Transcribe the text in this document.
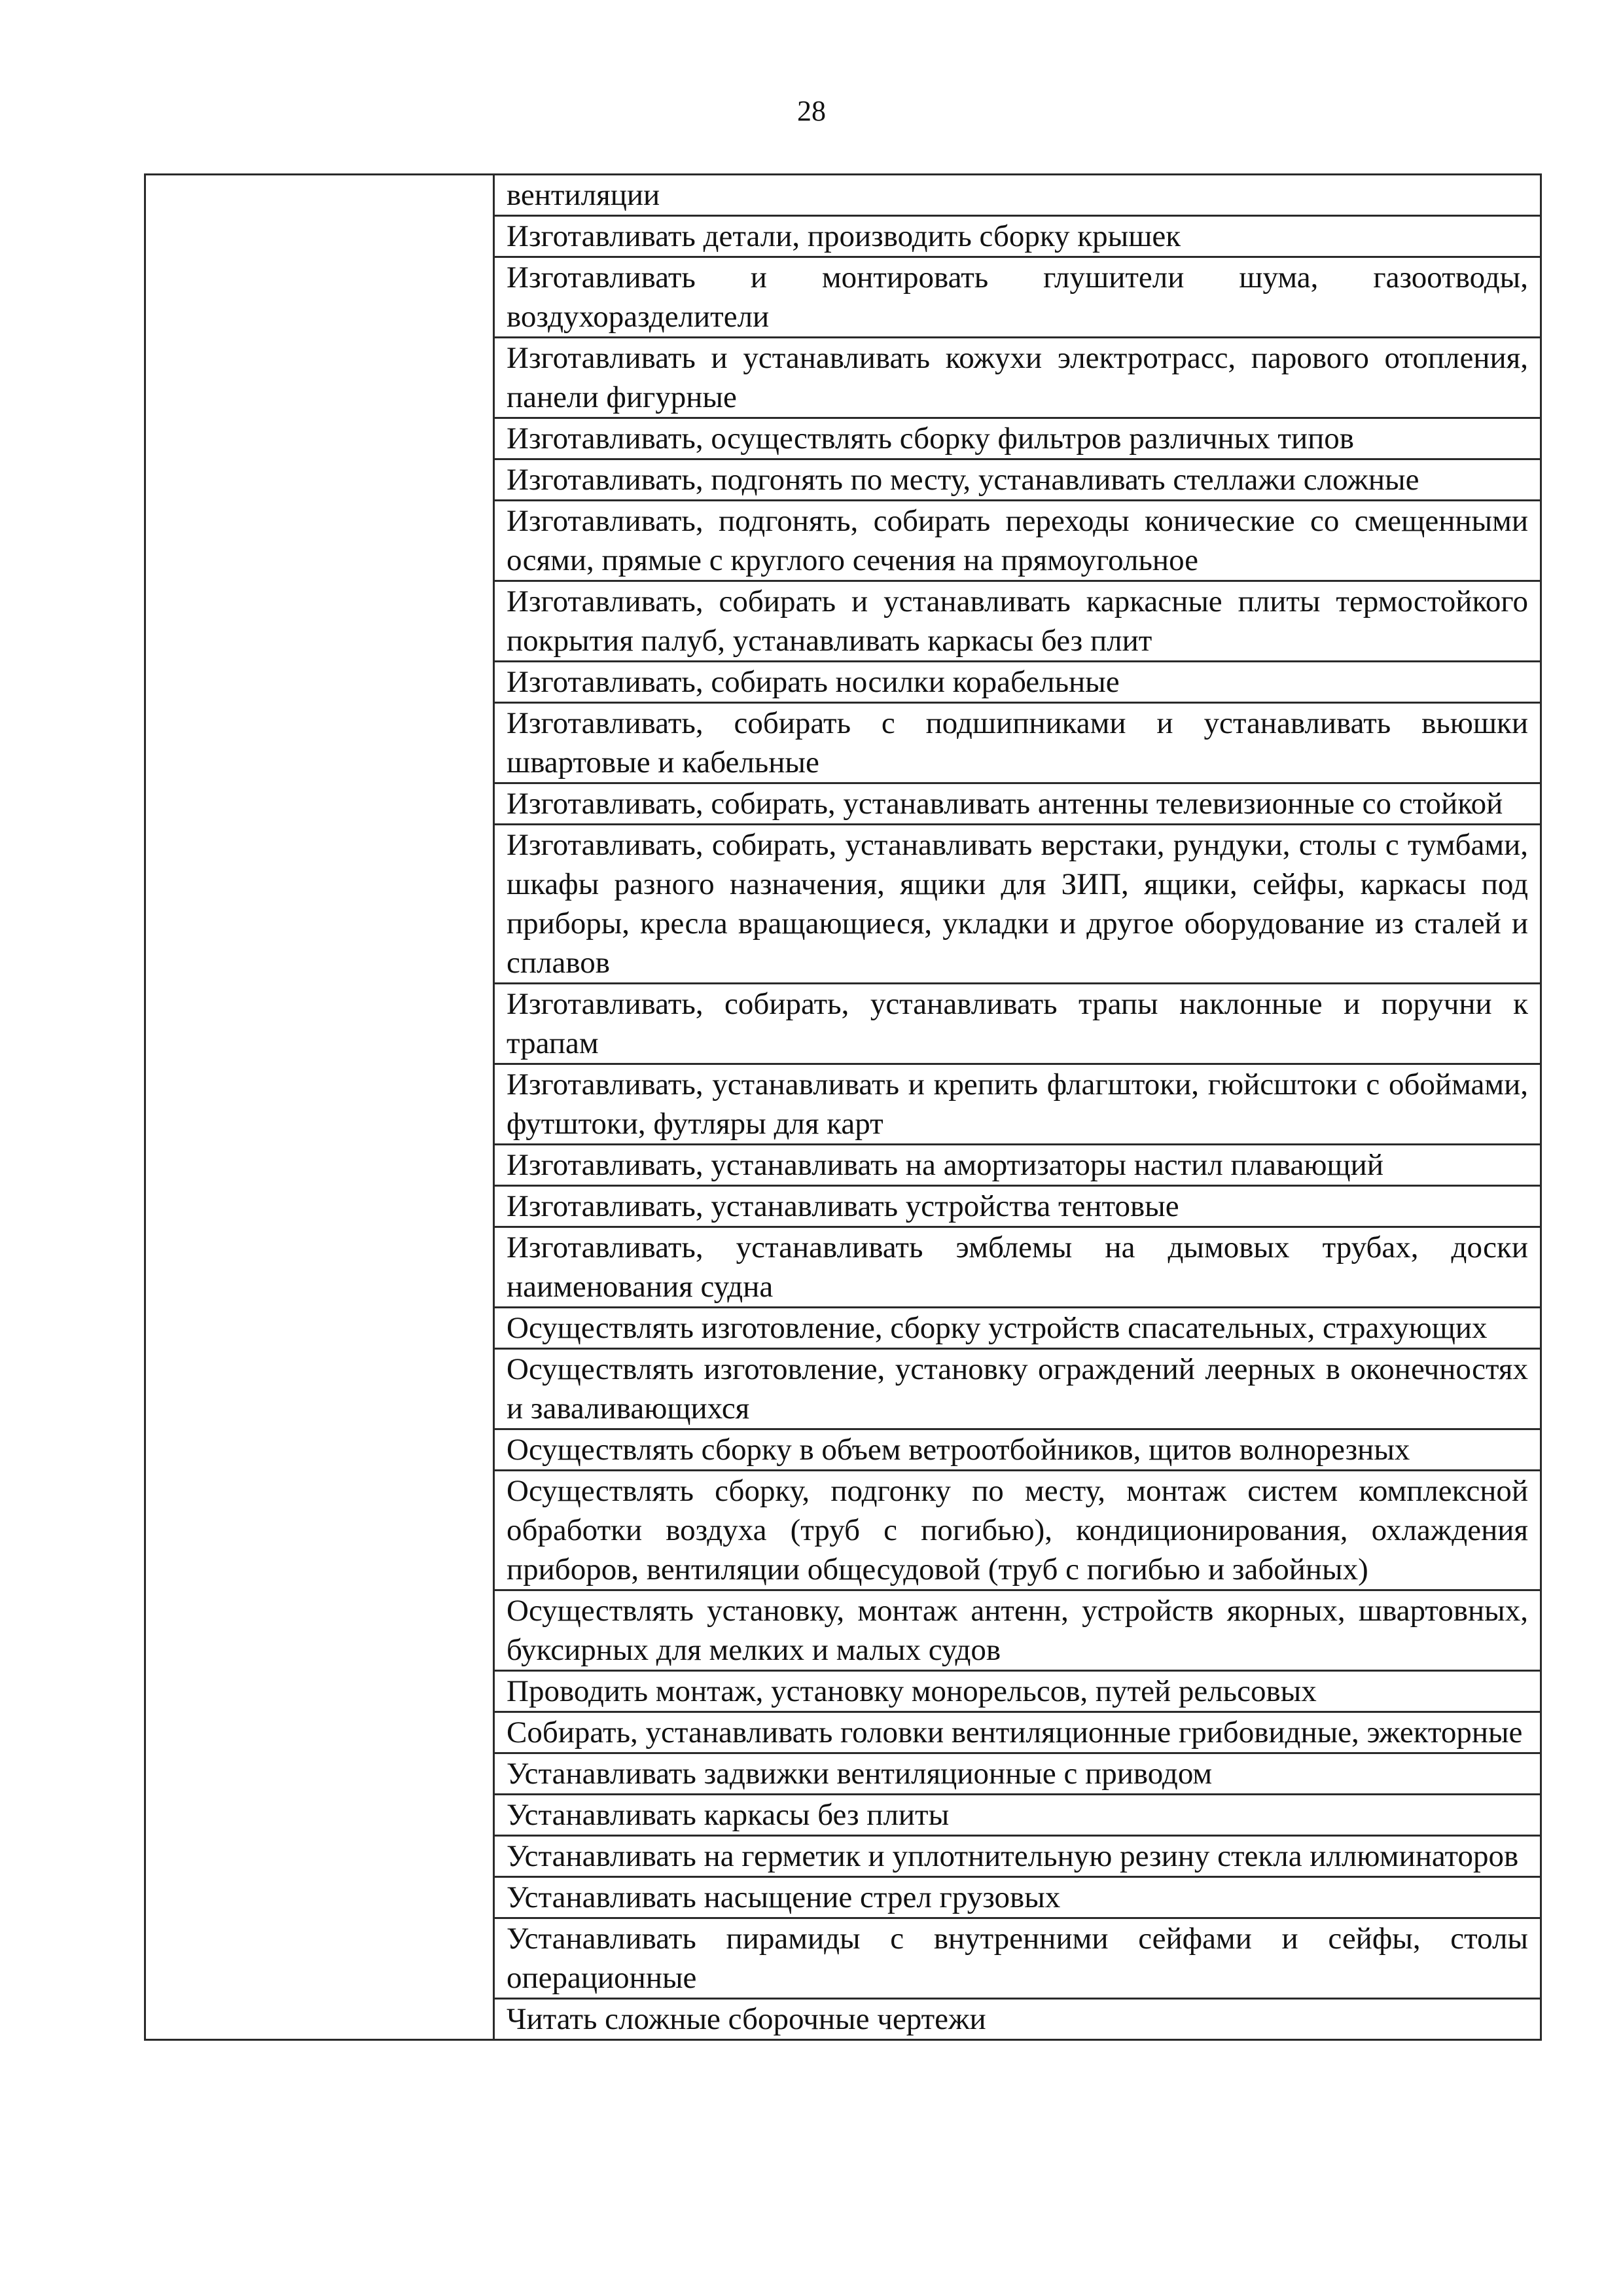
28

вентиляции
Изготавливать детали, производить сборку крышек
Изготавливать и монтировать глушители шума, газоотводы, воздухоразделители
Изготавливать и устанавливать кожухи электротрасс, парового отопления, панели фигурные
Изготавливать, осуществлять сборку фильтров различных типов
Изготавливать, подгонять по месту, устанавливать стеллажи сложные
Изготавливать, подгонять, собирать переходы конические со смещенными осями, прямые с круглого сечения на прямоугольное
Изготавливать, собирать и устанавливать каркасные плиты термостойкого покрытия палуб, устанавливать каркасы без плит
Изготавливать, собирать носилки корабельные
Изготавливать, собирать с подшипниками и устанавливать вьюшки швартовые и кабельные
Изготавливать, собирать, устанавливать антенны телевизионные со стойкой
Изготавливать, собирать, устанавливать верстаки, рундуки, столы с тумбами, шкафы разного назначения, ящики для ЗИП, ящики, сейфы, каркасы под приборы, кресла вращающиеся, укладки и другое оборудование из сталей и сплавов
Изготавливать, собирать, устанавливать трапы наклонные и поручни к трапам
Изготавливать, устанавливать и крепить флагштоки, гюйсштоки с обоймами, футштоки, футляры для карт
Изготавливать, устанавливать на амортизаторы настил плавающий
Изготавливать, устанавливать устройства тентовые
Изготавливать, устанавливать эмблемы на дымовых трубах, доски наименования судна
Осуществлять изготовление, сборку устройств спасательных, страхующих
Осуществлять изготовление, установку ограждений леерных в оконечностях и заваливающихся
Осуществлять сборку в объем ветроотбойников, щитов волнорезных
Осуществлять сборку, подгонку по месту, монтаж систем комплексной обработки воздуха (труб с погибью), кондиционирования, охлаждения приборов, вентиляции общесудовой (труб с погибью и забойных)
Осуществлять установку, монтаж антенн, устройств якорных, швартовных, буксирных для мелких и малых судов
Проводить монтаж, установку монорельсов, путей рельсовых
Собирать, устанавливать головки вентиляционные грибовидные, эжекторные
Устанавливать задвижки вентиляционные с приводом
Устанавливать каркасы без плиты
Устанавливать на герметик и уплотнительную резину стекла иллюминаторов
Устанавливать насыщение стрел грузовых
Устанавливать пирамиды с внутренними сейфами и сейфы, столы операционные
Читать сложные сборочные чертежи
